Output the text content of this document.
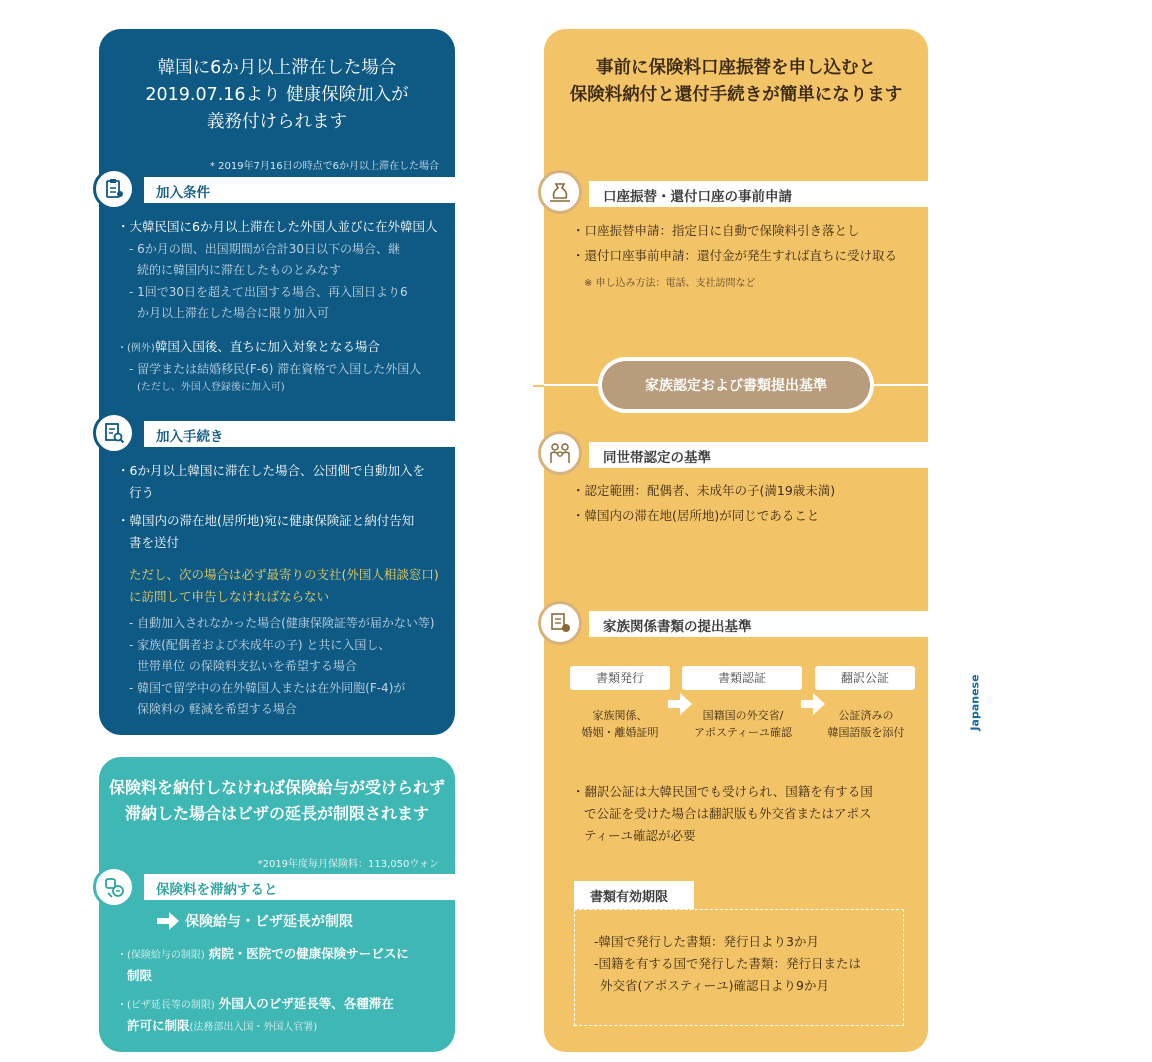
韓国に6か月以上滞在した場合
2019.07.16より 健康保険加入が
義務付けられます
* 2019年7月16日の時点で6か月以上滞在した場合
加入条件
・大韓民国に6か月以上滞在した外国人並びに在外韓国人
- 6か月の間、出国期間が合計30日以下の場合、継
続的に韓国内に滞在したものとみなす
- 1回で30日を超えて出国する場合、再入国日より6
か月以上滞在した場合に限り加入可
・(例外)韓国入国後、直ちに加入対象となる場合
- 留学または結婚移民(F-6) 滞在資格で入国した外国人
(ただし、外国人登録後に加入可)
加入手続き
・6か月以上韓国に滞在した場合、公団側で自動加入を
行う
・韓国内の滞在地(居所地)宛に健康保険証と納付告知
書を送付
ただし、次の場合は必ず最寄りの支社(外国人相談窓口)
に訪問して申告しなければならない
- 自動加入されなかった場合(健康保険証等が届かない等)
- 家族(配偶者および未成年の子) と共に入国し、
世帯単位 の保険料支払いを希望する場合
- 韓国で留学中の在外韓国人または在外同胞(F-4)が
保険料の 軽減を希望する場合
保険料を納付しなければ保険給与が受けられず
滞納した場合はビザの延長が制限されます
*2019年度毎月保険料：113,050ウォン
保険料を滞納すると
保険給与・ビザ延長が制限
・(保険給与の制限) 病院・医院での健康保険サービスに
制限
・(ビザ延長等の制限) 外国人のビザ延長等、各種滞在
許可に制限(法務部出入国・外国人官署)
事前に保険料口座振替を申し込むと
保険料納付と還付手続きが簡単になります
口座振替・還付口座の事前申請
・口座振替申請：指定日に自動で保険料引き落とし
・還付口座事前申請：還付金が発生すれば直ちに受け取る
※ 申し込み方法：電話、支社訪問など
家族認定および書類提出基準
同世帯認定の基準
・認定範囲：配偶者、未成年の子(満19歳未満)
・韓国内の滞在地(居所地)が同じであること
家族関係書類の提出基準
書類発行	書類認証	翻訳公証
家族関係、
婚姻・離婚証明
国籍国の外交省/
アポスティーユ確認
公証済みの
韓国語版を添付
・翻訳公証は大韓民国でも受けられ、国籍を有する国
で公証を受けた場合は翻訳版も外交省またはアポス
ティーユ確認が必要
書類有効期限
-韓国で発行した書類：発行日より3か月
-国籍を有する国で発行した書類：発行日または
外交省(アポスティーユ)確認日より9か月
Japanese
